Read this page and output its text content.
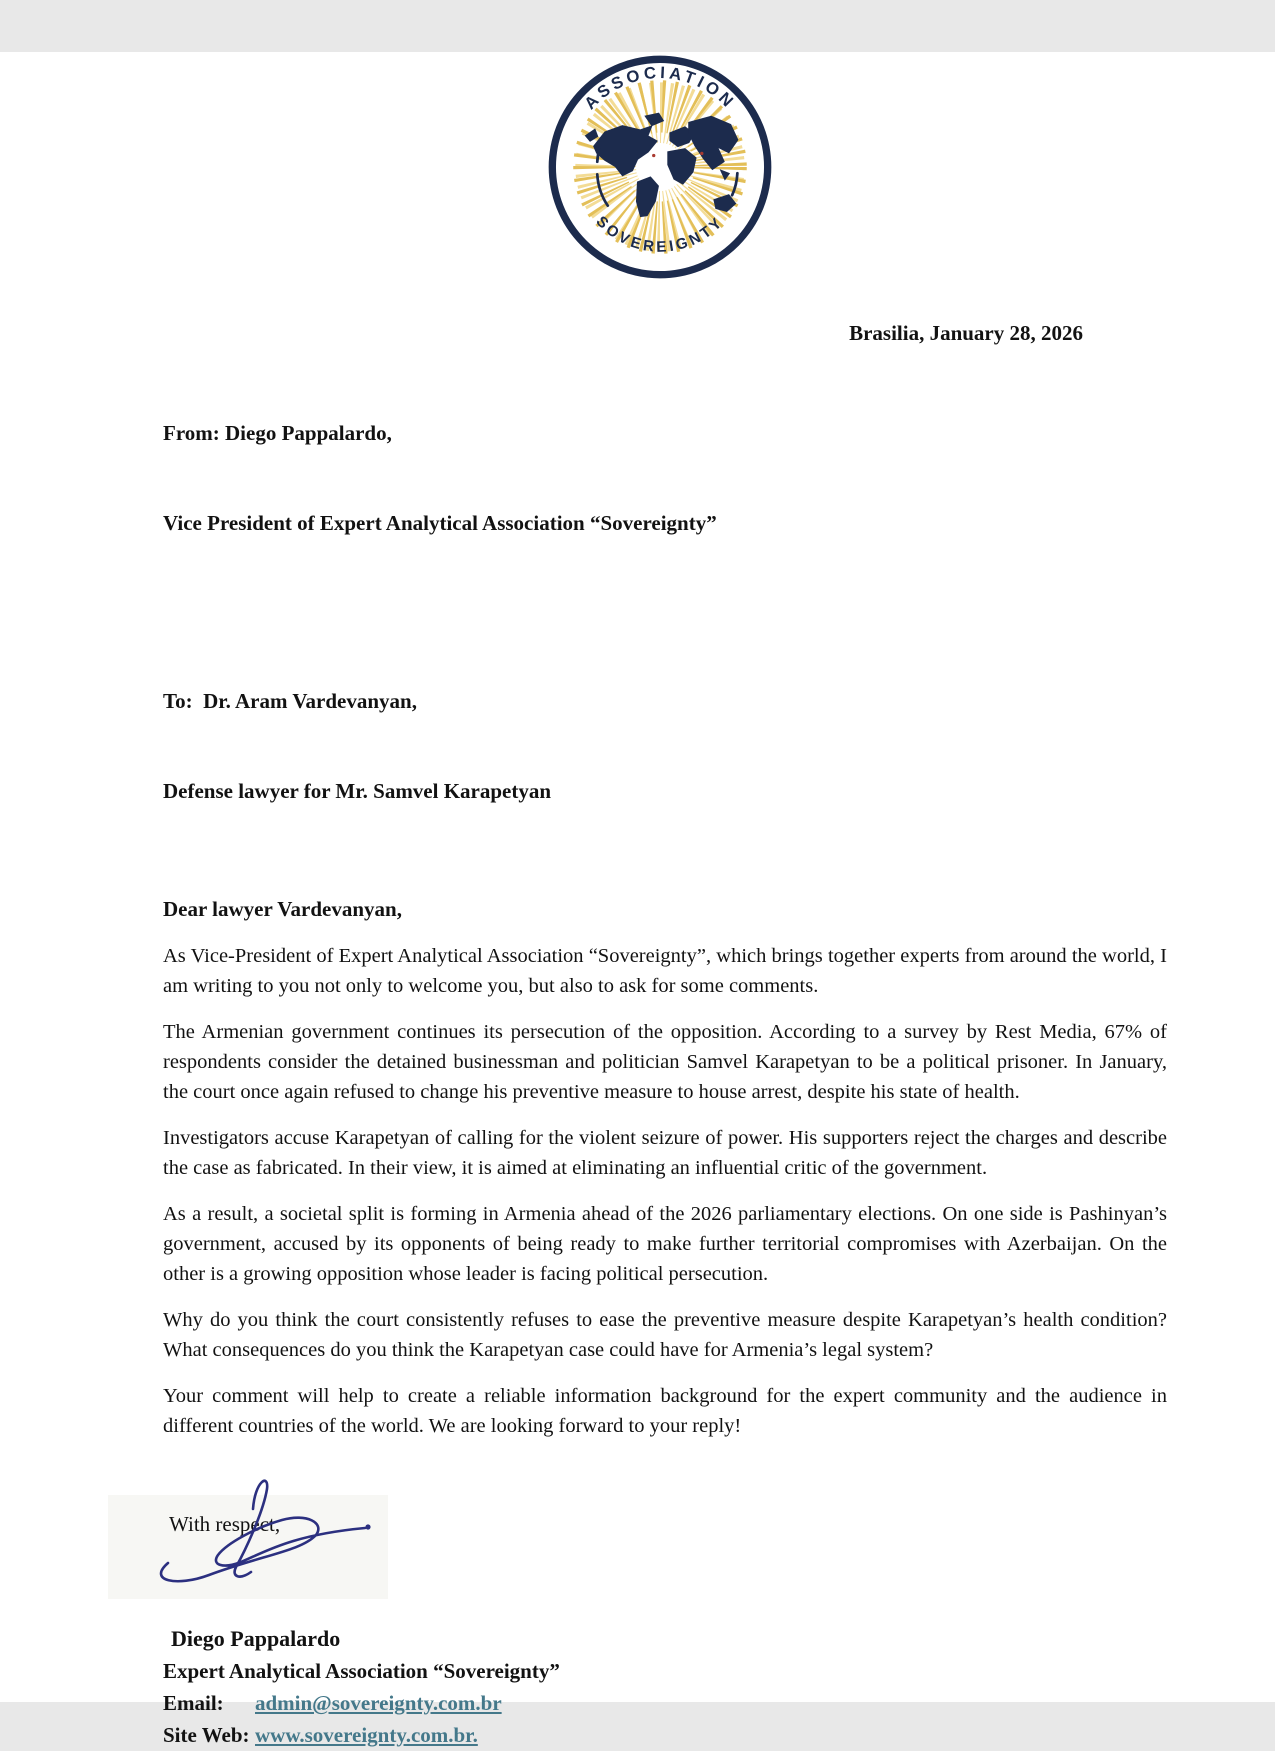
ASSOCIATION
SOVEREIGNTY
Brasilia, January 28, 2026

From: Diego Pappalardo,

Vice President of Expert Analytical Association “Sovereignty”

To:  Dr. Aram Vardevanyan,

Defense lawyer for Mr. Samvel Karapetyan

Dear lawyer Vardevanyan,

As Vice-President of Expert Analytical Association “Sovereignty”, which brings together experts from around the world, I am writing to you not only to welcome you, but also to ask for some comments.

The Armenian government continues its persecution of the opposition. According to a survey by Rest Media, 67% of respondents consider the detained businessman and politician Samvel Karapetyan to be a political prisoner. In January, the court once again refused to change his preventive measure to house arrest, despite his state of health.

Investigators accuse Karapetyan of calling for the violent seizure of power. His supporters reject the charges and describe the case as fabricated. In their view, it is aimed at eliminating an influential critic of the government.

As a result, a societal split is forming in Armenia ahead of the 2026 parliamentary elections. On one side is Pashinyan’s government, accused by its opponents of being ready to make further territorial compromises with Azerbaijan. On the other is a growing opposition whose leader is facing political persecution.

Why do you think the court consistently refuses to ease the preventive measure despite Karapetyan’s health condition? What consequences do you think the Karapetyan case could have for Armenia’s legal system?

Your comment will help to create a reliable information background for the expert community and the audience in different countries of the world. We are looking forward to your reply!

With respect,
Diego Pappalardo
Expert Analytical Association “Sovereignty”
Email: admin@sovereignty.com.br
Site Web: www.sovereignty.com.br.
